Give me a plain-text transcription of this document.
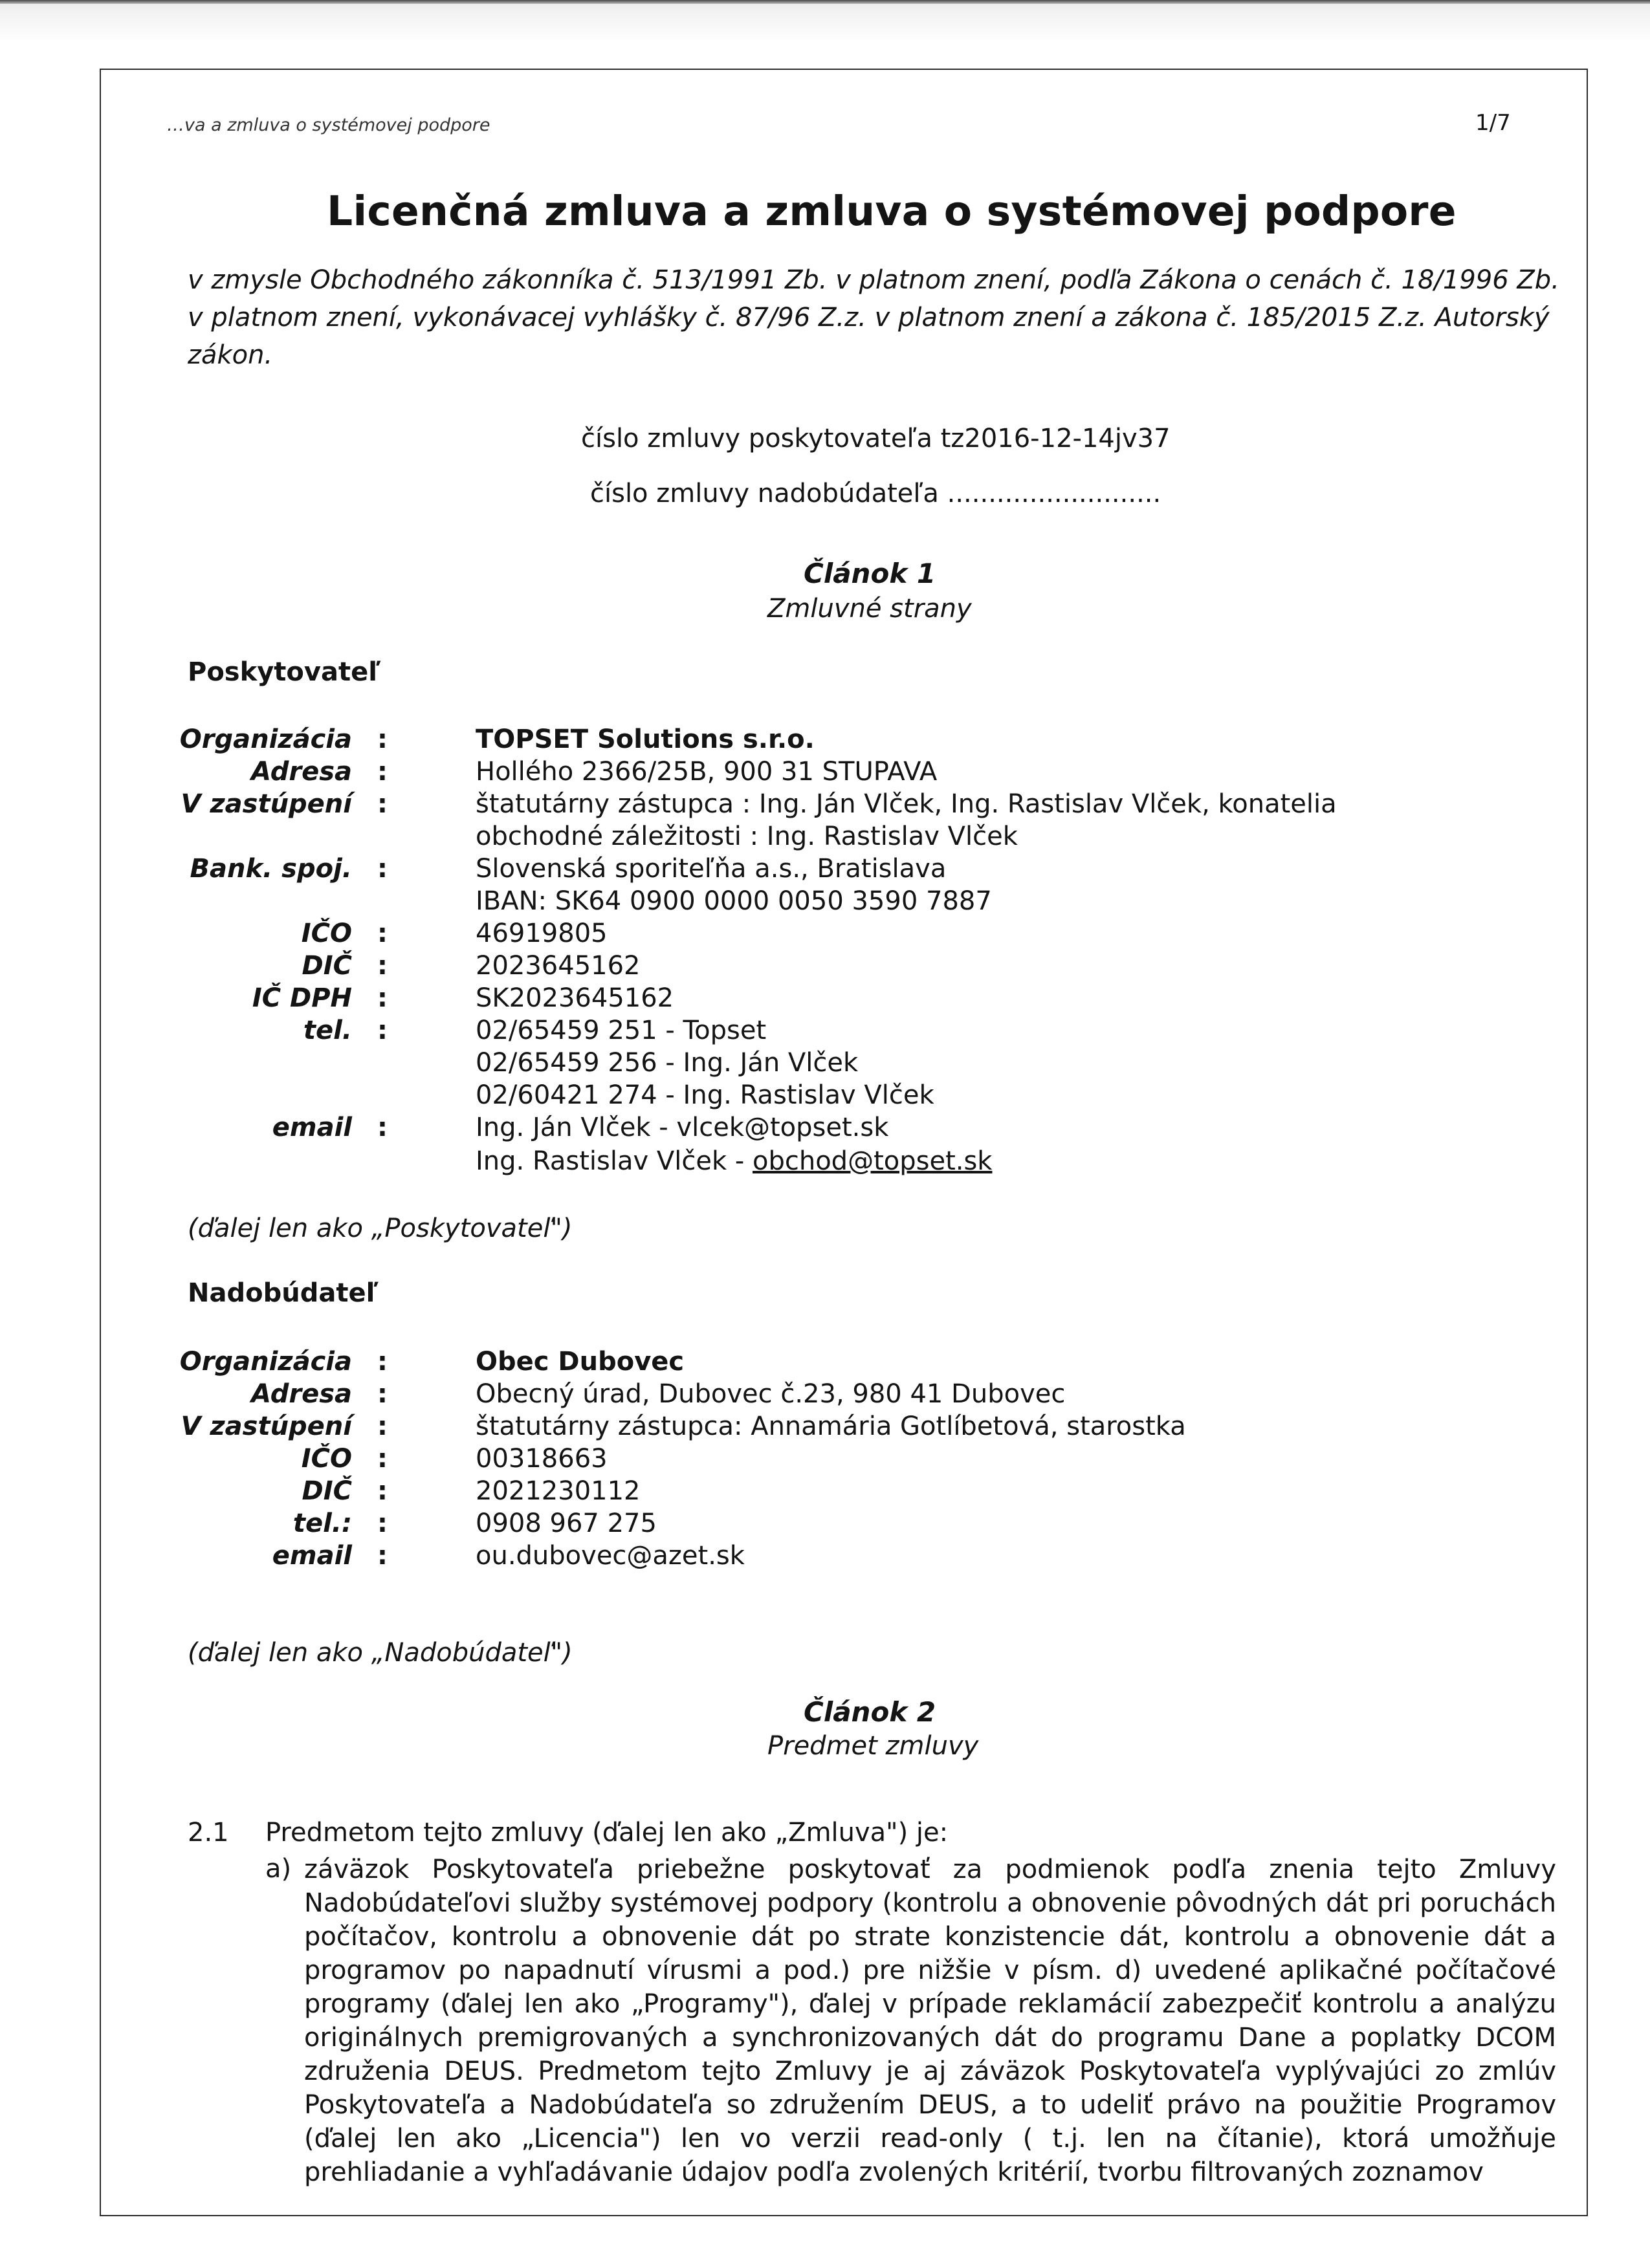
…va a zmluva o systémovej podpore	1/7
Licenčná zmluva a zmluva o systémovej podpore
v zmysle Obchodného zákonníka č. 513/1991 Zb. v platnom znení, podľa Zákona o cenách č. 18/1996 Zb. v platnom znení, vykonávacej vyhlášky č. 87/96 Z.z. v platnom znení a zákona č. 185/2015 Z.z. Autorský zákon.
číslo zmluvy poskytovateľa tz2016-12-14jv37
číslo zmluvy nadobúdateľa ..........................
Článok 1
Zmluvné strany
Poskytovateľ
Organizácia :	TOPSET Solutions s.r.o.
Adresa :	Hollého 2366/25B, 900 31 STUPAVA
V zastúpení :	štatutárny zástupca : Ing. Ján Vlček, Ing. Rastislav Vlček, konatelia
obchodné záležitosti : Ing. Rastislav Vlček
Bank. spoj. :	Slovenská sporiteľňa a.s., Bratislava
IBAN: SK64 0900 0000 0050 3590 7887
IČO :	46919805
DIČ :	2023645162
IČ DPH :	SK2023645162
tel. :	02/65459 251 - Topset
02/65459 256 - Ing. Ján Vlček
02/60421 274 - Ing. Rastislav Vlček
email :	Ing. Ján Vlček - vlcek@topset.sk
Ing. Rastislav Vlček - obchod@topset.sk
(ďalej len ako „Poskytovateľ")
Nadobúdateľ
Organizácia :	Obec Dubovec
Adresa :	Obecný úrad, Dubovec č.23, 980 41 Dubovec
V zastúpení :	štatutárny zástupca: Annamária Gotlíbetová, starostka
IČO :	00318663
DIČ :	2021230112
tel.: :	0908 967 275
email :	ou.dubovec@azet.sk
(ďalej len ako „Nadobúdateľ")
Článok 2
Predmet zmluvy
2.1 Predmetom tejto zmluvy (ďalej len ako „Zmluva") je:
a) záväzok Poskytovateľa priebežne poskytovať za podmienok podľa znenia tejto Zmluvy Nadobúdateľovi služby systémovej podpory (kontrolu a obnovenie pôvodných dát pri poruchách počítačov, kontrolu a obnovenie dát po strate konzistencie dát, kontrolu a obnovenie dát a programov po napadnutí vírusmi a pod.) pre nižšie v písm. d) uvedené aplikačné počítačové programy (ďalej len ako „Programy"), ďalej v prípade reklamácií zabezpečiť kontrolu a analýzu originálnych premigrovaných a synchronizovaných dát do programu Dane a poplatky DCOM združenia DEUS. Predmetom tejto Zmluvy je aj záväzok Poskytovateľa vyplývajúci zo zmlúv Poskytovateľa a Nadobúdateľa so združením DEUS, a to udeliť právo na použitie Programov (ďalej len ako „Licencia") len vo verzii read-only ( t.j. len na čítanie), ktorá umožňuje prehliadanie a vyhľadávanie údajov podľa zvolených kritérií, tvorbu filtrovaných zoznamov
